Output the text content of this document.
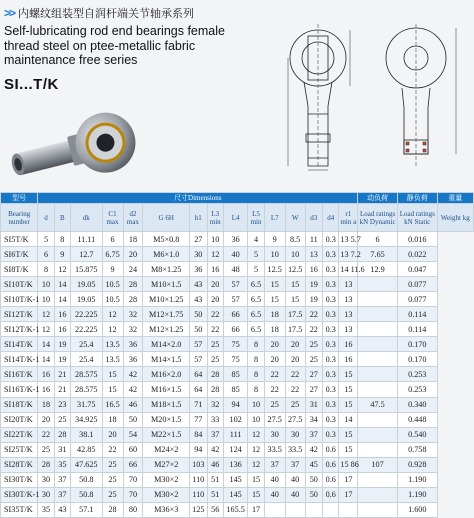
>> 内螺纹组装型自润杆端关节轴承系列
Self-lubricating rod end bearings female
thread steel on ptee-metallic fabric
maintenance free series
SI...T/K
型号	尺寸Dimensions															动负荷	静负荷	重量
Bearing number	d	B	dk	C1 max	d2 max	G 6H	h1	L3 min	L4	L5 min	L7	W	d3	d4	r1 min a	Load ratings kN Dynamic	Load ratings kN Static	Weight kg
SI5T/K	5	8	11.11	6	18	M5×0.8	27	10	36	4	9	8.5	11	0.3	13 5.7	6	0.016	
SI6T/K	6	9	12.7	6.75	20	M6×1.0	30	12	40	5	10	10	13	0.3	13 7.2	7.65	0.022	
SI8T/K	8	12	15.875	9	24	M8×1.25	36	16	48	5	12.5	12.5	16	0.3	14 11.6	12.9	0.047	
SI10T/K	10	14	19.05	10.5	28	M10×1.5	43	20	57	6.5	15	15	19	0.3	13		0.077	
SI10T/K-1	10	14	19.05	10.5	28	M10×1.25	43	20	57	6.5	15	15	19	0.3	13		0.077	
SI12T/K	12	16	22.225	12	32	M12×1.75	50	22	66	6.5	18	17.5	22	0.3	13		0.114	
SI12T/K-1	12	16	22.225	12	32	M12×1.25	50	22	66	6.5	18	17.5	22	0.3	13		0.114	
SI14T/K	14	19	25.4	13.5	36	M14×2.0	57	25	75	8	20	20	25	0.3	16		0.170	
SI14T/K-1	14	19	25.4	13.5	36	M14×1.5	57	25	75	8	20	20	25	0.3	16		0.170	
SI16T/K	16	21	28.575	15	42	M16×2.0	64	28	85	8	22	22	27	0.3	15		0.253	
SI16T/K-1	16	21	28.575	15	42	M16×1.5	64	28	85	8	22	22	27	0.3	15		0.253	
SI18T/K	18	23	31.75	16.5	46	M18×1.5	71	32	94	10	25	25	31	0.3	15	47.5	0.340	
SI20T/K	20	25	34.925	18	50	M20×1.5	77	33	102	10	27.5	27.5	34	0.3	14		0.448	
SI22T/K	22	28	38.1	20	54	M22×1.5	84	37	111	12	30	30	37	0.3	15		0.540	
SI25T/K	25	31	42.85	22	60	M24×2	94	42	124	12	33.5	33.5	42	0.6	15		0.758	
SI28T/K	28	35	47.625	25	66	M27×2	103	46	136	12	37	37	45	0.6	15 86	107	0.928	
SI30T/K	30	37	50.8	25	70	M30×2	110	51	145	15	40	40	50	0.6	17		1.190	
SI30T/K-1	30	37	50.8	25	70	M30×2	110	51	145	15	40	40	50	0.6	17		1.190	
SI35T/K	35	43	57.1	28	80	M36×3	125	56	165.5	17							1.600	
